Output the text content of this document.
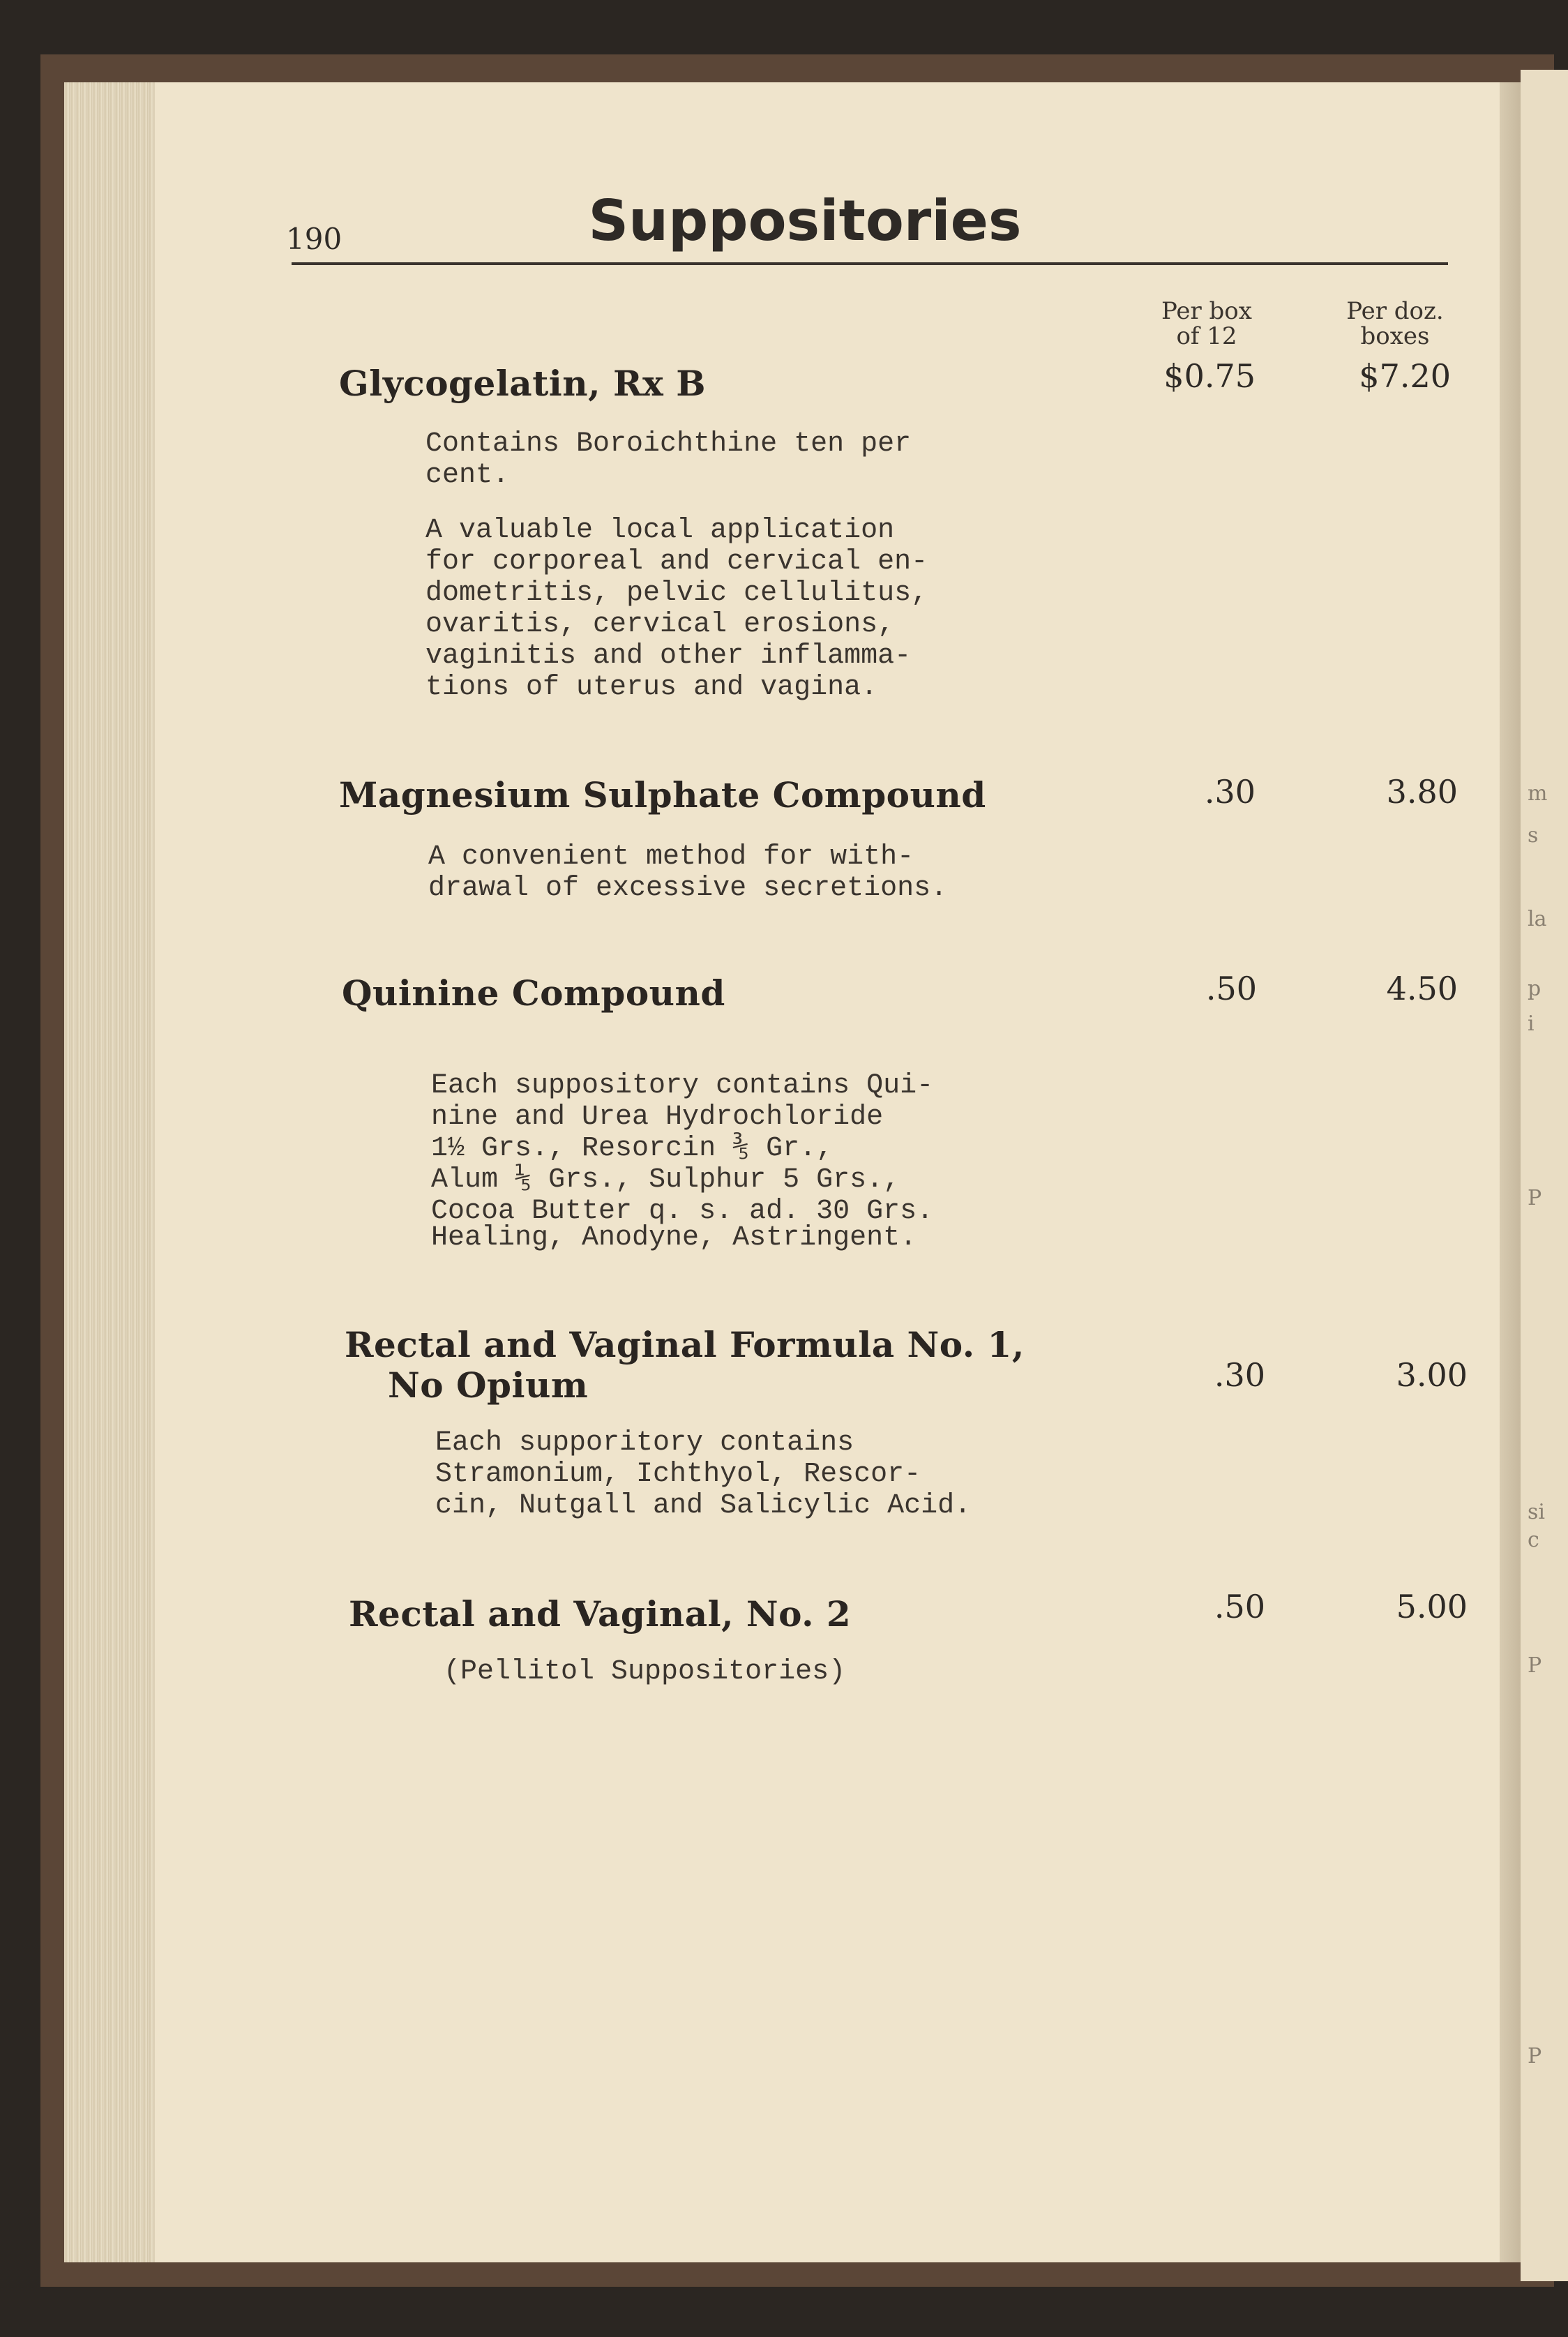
m
s
la
p
i
P
si
c
P
P
190	Suppositories
Per box
of 12
Per doz.
boxes
Glycogelatin, Rx B	$0.75	$7.20
Contains Boroichthine ten per
cent.
A valuable local application
for corporeal and cervical en-
dometritis, pelvic cellulitus,
ovaritis, cervical erosions,
vaginitis and other inflamma-
tions of uterus and vagina.
Magnesium Sulphate Compound	.30	3.80
A convenient method for with-
drawal of excessive secretions.
Quinine Compound	.50	4.50
Each suppository contains Qui-
nine and Urea Hydrochloride
1½ Grs., Resorcin ⅗ Gr.,
Alum ⅕ Grs., Sulphur 5 Grs.,
Cocoa Butter q. s. ad. 30 Grs.
Healing, Anodyne, Astringent.
Rectal and Vaginal Formula No. 1,
No Opium	.30	3.00
Each supporitory contains
Stramonium, Ichthyol, Rescor-
cin, Nutgall and Salicylic Acid.
Rectal and Vaginal, No. 2	.50	5.00
(Pellitol Suppositories)
